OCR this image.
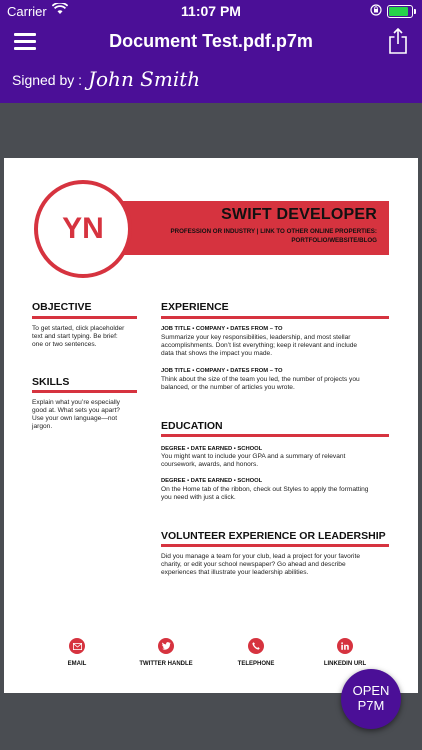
Carrier	11:07 PM
Document Test.pdf.p7m
Signed by : John Smith
SWIFT DEVELOPER
PROFESSION OR INDUSTRY | LINK TO OTHER ONLINE PROPERTIES:
PORTFOLIO/WEBSITE/BLOG
YN
OBJECTIVE
To get started, click placeholder
text and start typing. Be brief:
one or two sentences.
SKILLS
Explain what you’re especially
good at. What sets you apart?
Use your own language—not
jargon.
EXPERIENCE
JOB TITLE • COMPANY • DATES FROM – TO
Summarize your key responsibilities, leadership, and most stellar
accomplishments. Don’t list everything; keep it relevant and include
data that shows the impact you made.
JOB TITLE • COMPANY • DATES FROM – TO
Think about the size of the team you led, the number of projects you
balanced, or the number of articles you wrote.
EDUCATION
DEGREE • DATE EARNED • SCHOOL
You might want to include your GPA and a summary of relevant
coursework, awards, and honors.
DEGREE • DATE EARNED • SCHOOL
On the Home tab of the ribbon, check out Styles to apply the formatting
you need with just a click.
VOLUNTEER EXPERIENCE OR LEADERSHIP
Did you manage a team for your club, lead a project for your favorite
charity, or edit your school newspaper? Go ahead and describe
experiences that illustrate your leadership abilities.
EMAIL	TWITTER HANDLE	TELEPHONE	LINKEDIN URL
OPEN
P7M
